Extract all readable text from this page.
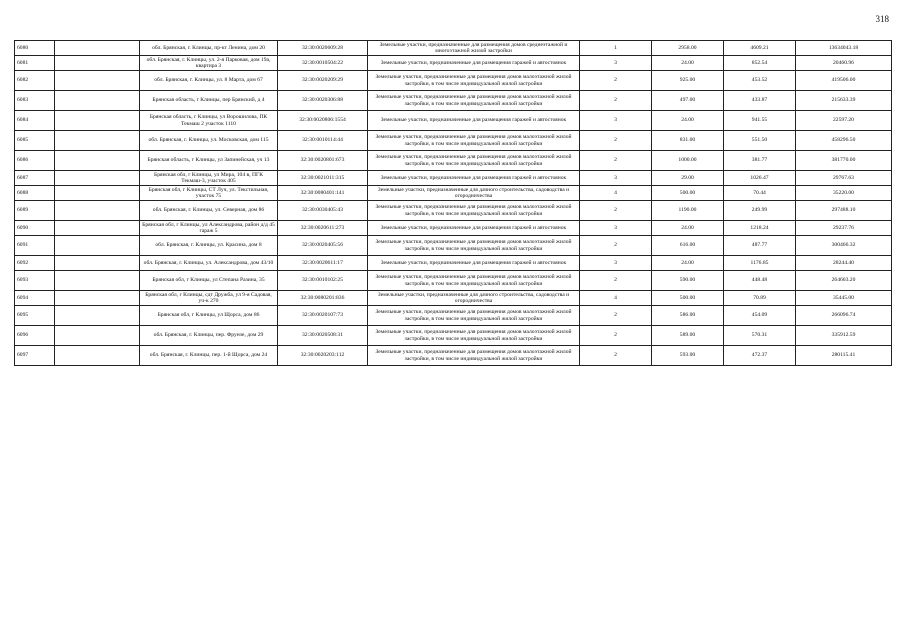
318
6080		обл. Брянская, г. Клинцы, пр-кт Ленина, дом 20	32:30:0020609:28	Земельные участки, предназначенные для размещения домов среднеэтажной и многоэтажной жилой застройки	1	2958.00	4609.21	13634043.18
6081		обл. Брянская, г. Клинцы, ул. 2-я Парковая, дом 19а, квартира 3	32:30:0010504:22	Земельные участки, предназначенные для размещения гаражей и автостоянок	3	24.00	852.54	20460.96
6082		обл. Брянская, г. Клинцы, ул. 8 Марта, дом 67	32:30:0020209:29	Земельные участки, предназначенные для размещения домов малоэтажной жилой застройки, в том числе индивидуальной жилой застройки	2	925.00	453.52	419506.00
6083		Брянская область, г Клинцы, пер Брянский, д 4	32:30:0020306:88	Земельные участки, предназначенные для размещения домов малоэтажной жилой застройки, в том числе индивидуальной жилой застройки	2	497.00	433.87	215633.39
6084		Брянская область, г Клинцы, ул Ворошилова, ПК Текмаш 2 участок 1110	32:30:0020806:1554	Земельные участки, предназначенные для размещения гаражей и автостоянок	3	24.00	941.55	22597.20
6085		обл. Брянская, г. Клинцы, ул. Московская, дом 115	32:30:0010114:44	Земельные участки, предназначенные для размещения домов малоэтажной жилой застройки, в том числе индивидуальной жилой застройки	2	831.00	551.50	458296.50
6086		Брянская область, г Клинцы, ул Запинейская, уч 13	32:30:0020801:673	Земельные участки, предназначенные для размещения домов малоэтажной жилой застройки, в том числе индивидуальной жилой застройки	2	1000.00	381.77	381770.00
6087		Брянская обл, г Клинцы, ул Мира, 104 в, ПГК Текмаш-3, участок 405	32:30:0021011:315	Земельные участки, предназначенные для размещения гаражей и автостоянок	3	29.00	1026.47	29767.63
6088		Брянская обл, г Клинцы, СТ Луч, ул. Текстильная, участок 75	32:30:0080401:141	Земельные участки, предназначенные для дачного строительства, садоводства и огородничества	4	500.00	70.44	35220.00
6089		обл. Брянская, г. Клинцы, ул. Северная, дом 86	32:30:0030405:43	Земельные участки, предназначенные для размещения домов малоэтажной жилой застройки, в том числе индивидуальной жилой застройки	2	1190.00	249.99	297488.10
6090		Брянская обл, г Клинцы, ул Александрова, район д/д 45 гараж 5	32:30:0020611:273	Земельные участки, предназначенные для размещения гаражей и автостоянок	3	24.00	1218.24	29237.76
6091		обл. Брянская, г. Клинцы, ул. Красина, дом 8	32:30:0020405:56	Земельные участки, предназначенные для размещения домов малоэтажной жилой застройки, в том числе индивидуальной жилой застройки	2	616.00	487.77	300466.32
6092		обл. Брянская, г. Клинцы, ул. Александрова, дом 43/10	32:30:0020611:17	Земельные участки, предназначенные для размещения гаражей и автостоянок	3	24.00	1176.85	28244.40
6093		Брянская обл, г Клинцы, ул Степана Разина, 35	32:30:0010102:25	Земельные участки, предназначенные для размещения домов малоэтажной жилой застройки, в том числе индивидуальной жилой застройки	2	590.00	448.48	264603.20
6094		Брянская обл, г Клинцы, сдт Дружба, ул 9-я Садовая, уч-к 270	32:30:0080201:836	Земельные участки, предназначенные для дачного строительства, садоводства и огородничества	4	500.00	70.89	35445.00
6095		Брянская обл, г Клинцы, ул Щорса, дом 86	32:30:0020107:73	Земельные участки, предназначенные для размещения домов малоэтажной жилой застройки, в том числе индивидуальной жилой застройки	2	586.00	454.09	266096.74
6096		обл. Брянская, г. Клинцы, пер. Фрунзе, дом 29	32:30:0020508:31	Земельные участки, предназначенные для размещения домов малоэтажной жилой застройки, в том числе индивидуальной жилой застройки	2	589.00	570.31	335912.59
6097		обл. Брянская, г. Клинцы, пер. 1-й Щорса, дом 24	32:30:0020203:112	Земельные участки, предназначенные для размещения домов малоэтажной жилой застройки, в том числе индивидуальной жилой застройки	2	593.00	472.37	280115.41
